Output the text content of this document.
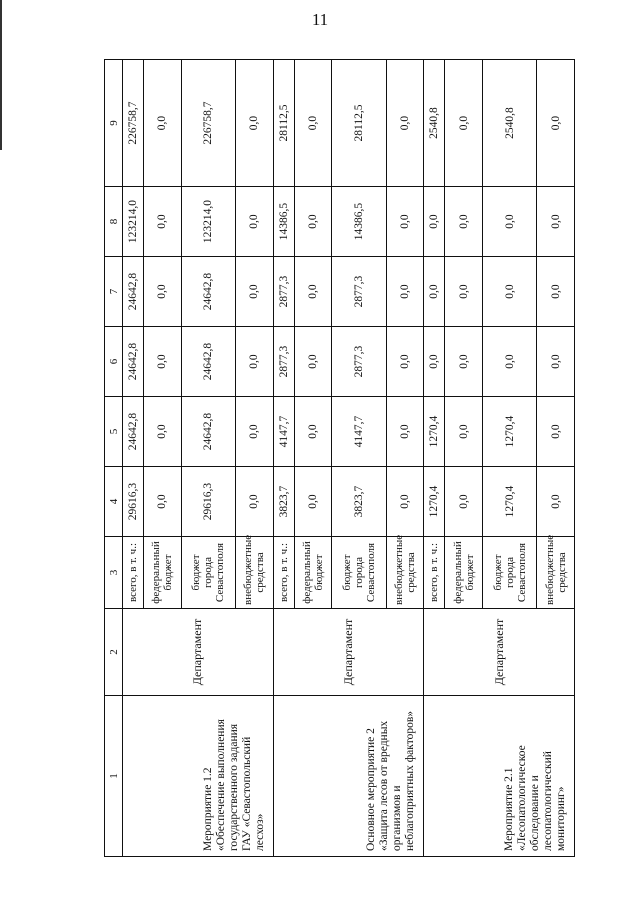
11
1	2	3	4	5	6	7	8	9
Мероприятие 1.2 «Обеспечение выполнения государственного задания ГАУ «Севастопольский лесхоз»	Департамент	всего, в т. ч.:	29616,3	24642,8	24642,8	24642,8	123214,0	226758,7
		федеральный бюджет	0,0	0,0	0,0	0,0	0,0	0,0
		бюджет города Севастополя	29616,3	24642,8	24642,8	24642,8	123214,0	226758,7
		внебюджетные средства	0,0	0,0	0,0	0,0	0,0	0,0
Основное мероприятие 2 «Защита лесов от вредных организмов и неблагоприятных факторов»	Департамент	всего, в т. ч.:	3823,7	4147,7	2877,3	2877,3	14386,5	28112,5
		федеральный бюджет	0,0	0,0	0,0	0,0	0,0	0,0
		бюджет города Севастополя	3823,7	4147,7	2877,3	2877,3	14386,5	28112,5
		внебюджетные средства	0,0	0,0	0,0	0,0	0,0	0,0
Мероприятие 2.1 «Лесопатологическое обследование и лесопатологический мониторинг»	Департамент	всего, в т. ч.:	1270,4	1270,4	0,0	0,0	0,0	2540,8
		федеральный бюджет	0,0	0,0	0,0	0,0	0,0	0,0
		бюджет города Севастополя	1270,4	1270,4	0,0	0,0	0,0	2540,8
		внебюджетные средства	0,0	0,0	0,0	0,0	0,0	0,0
